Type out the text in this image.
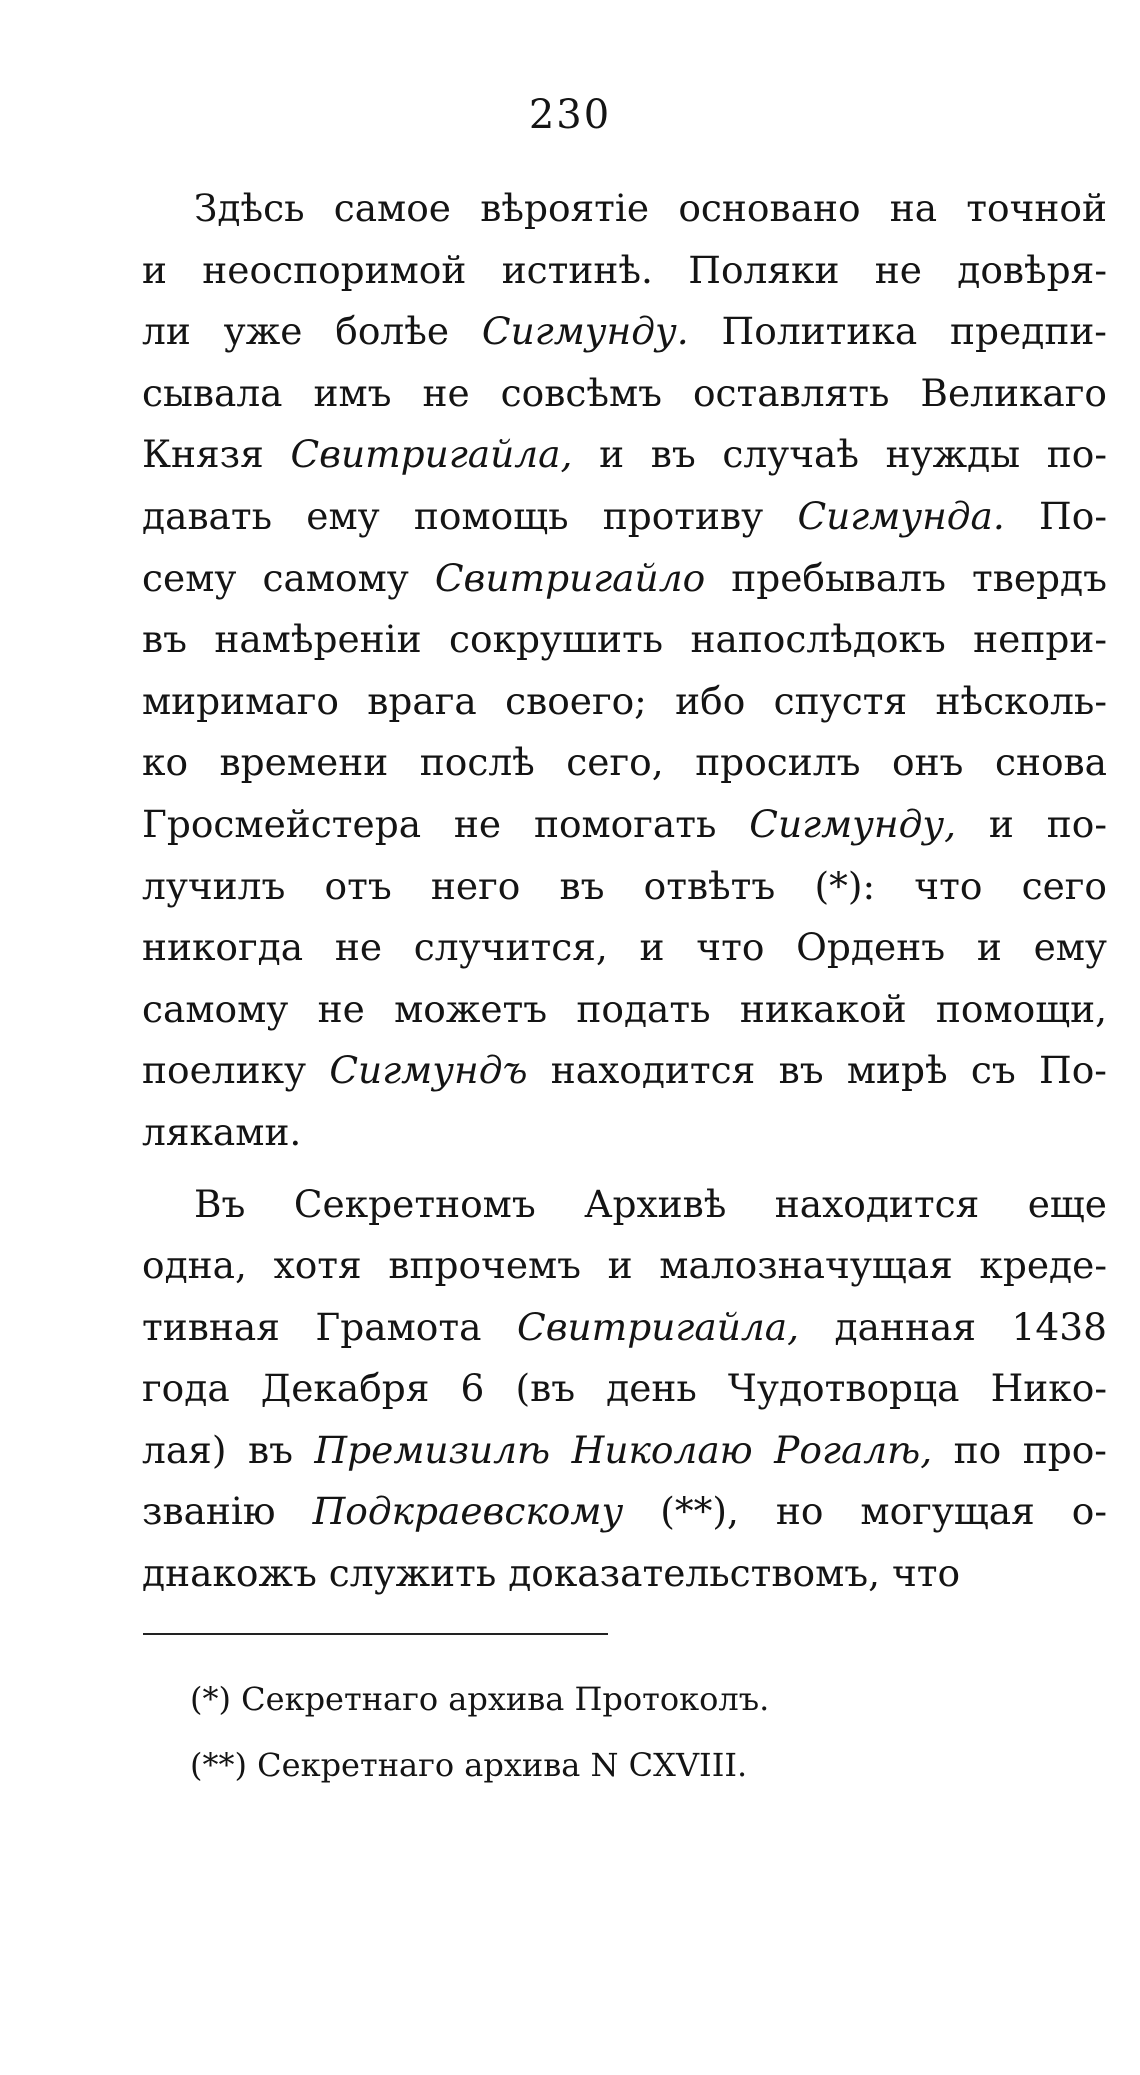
230
Здѣсь самое вѣроятіе основано на точной
и неоспоримой истинѣ. Поляки не довѣря-
ли уже болѣе Сигмунду. Политика предпи-
сывала имъ не совсѣмъ оставлять Великаго
Князя Свитригайла, и въ случаѣ нужды по-
давать ему помощь противу Сигмунда. По-
сему самому Свитригайло пребывалъ твердъ
въ намѣреніи сокрушить напослѣдокъ непри-
миримаго врага своего; ибо спустя нѣсколь-
ко времени послѣ сего, просилъ онъ снова
Гросмейстера не помогать Сигмунду, и по-
лучилъ отъ него въ отвѣтъ (*): что сего
никогда не случится, и что Орденъ и ему
самому не можетъ подать никакой помощи,
поелику Сигмундъ находится въ мирѣ съ По-
ляками.
Въ Секретномъ Архивѣ находится еще
одна, хотя впрочемъ и малозначущая креде-
тивная Грамота Свитригайла, данная 1438
года Декабря 6 (въ день Чудотворца Нико-
лая) въ Премизилѣ Николаю Рогалѣ, по про-
званію Подкраевскому (**), но могущая о-
днакожъ служить доказательствомъ, что
(*) Секретнаго архива Протоколъ.
(**) Секретнаго архива N CXVIII.
